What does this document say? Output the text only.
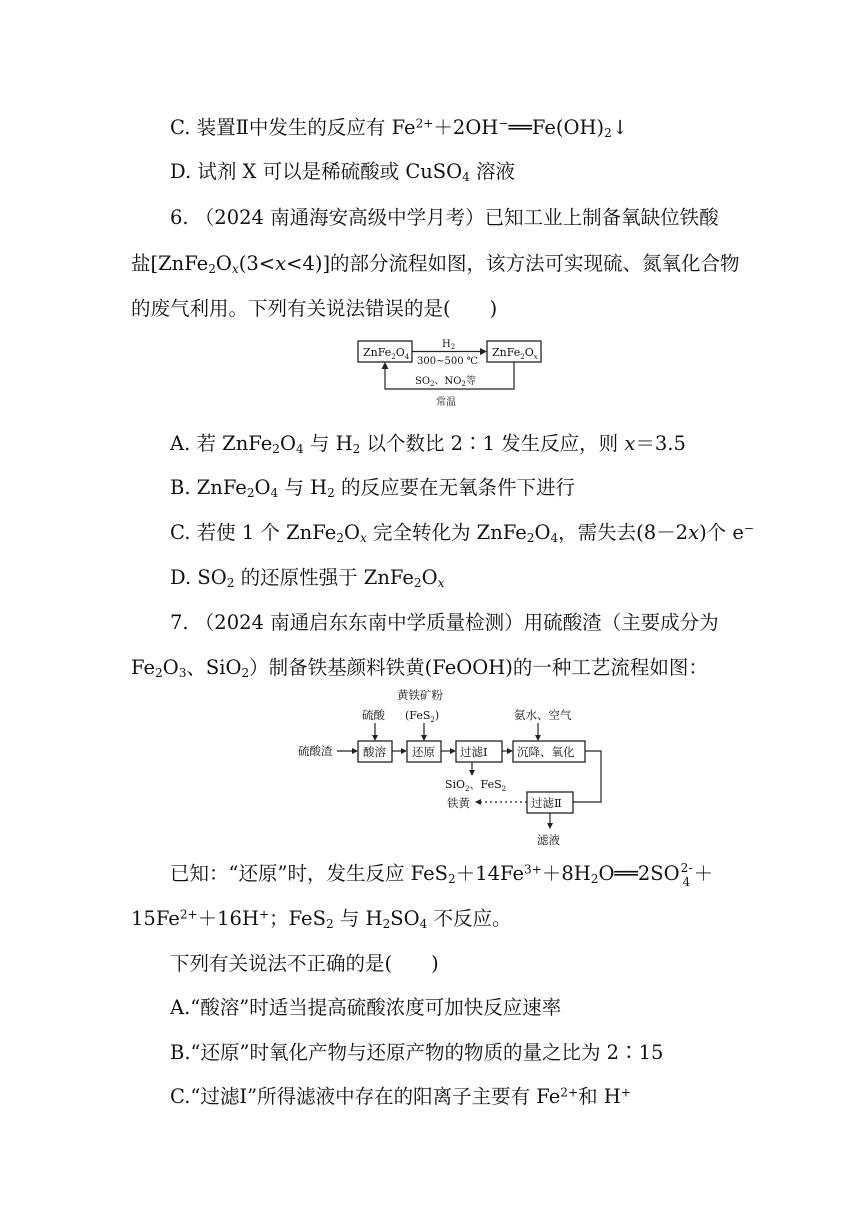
C. 装置Ⅱ中发生的反应有 $Fe^{2+}+2OH^-══Fe(OH)_2↓$
D. 试剂 X 可以是稀硫酸或 CuSO$_4$ 溶液
6. （2024 南通海安高级中学月考）已知工业上制备氧缺位铁酸
盐$[ZnFe_2O_x(3<x<4)]$的部分流程如图，该方法可实现硫、氮氧化合物
的废气利用。下列有关说法错误的是(　　)
$ZnFe_2O_4$	$ZnFe_2O_x$
$H_2$
300~500 ℃
$SO_2$、$NO_2$等
常温
A. 若 $ZnFe_2O_4$ 与 $H_2$ 以个数比 2∶1 发生反应，则 x＝3.5
B. $ZnFe_2O_4$ 与 $H_2$ 的反应要在无氧条件下进行
C. 若使 1 个 $ZnFe_2O_x$ 完全转化为 $ZnFe_2O_4$，需失去(8－2x)个 e−
D. $SO_2$ 的还原性强于 $ZnFe_2O_x$
7. （2024 南通启东东南中学质量检测）用硫酸渣（主要成分为
$Fe_2O_3$、SiO$_2$）制备铁基颜料铁黄(FeOOH)的一种工艺流程如图：
硫酸渣	酸溶 还原 过滤Ⅰ	沉降、氧化
硫酸
黄铁矿粉
(FeS$_2$)	氨水、空气
SiO$_2$、FeS$_2$
过滤Ⅱ
铁黄
滤液
已知：“还原”时，发生反应 $FeS_2+14Fe^{3+}+8H_2O══2SO$ 2-
4 ＋
$15Fe^{2+}+16H^+$；FeS$_2$ 与 $H_2SO_4$ 不反应。
下列有关说法不正确的是(　　)
A.“酸溶”时适当提高硫酸浓度可加快反应速率
B.“还原”时氧化产物与还原产物的物质的量之比为 2∶15
C.“过滤Ⅰ”所得滤液中存在的阳离子主要有 $Fe^{2+}$和 H+
